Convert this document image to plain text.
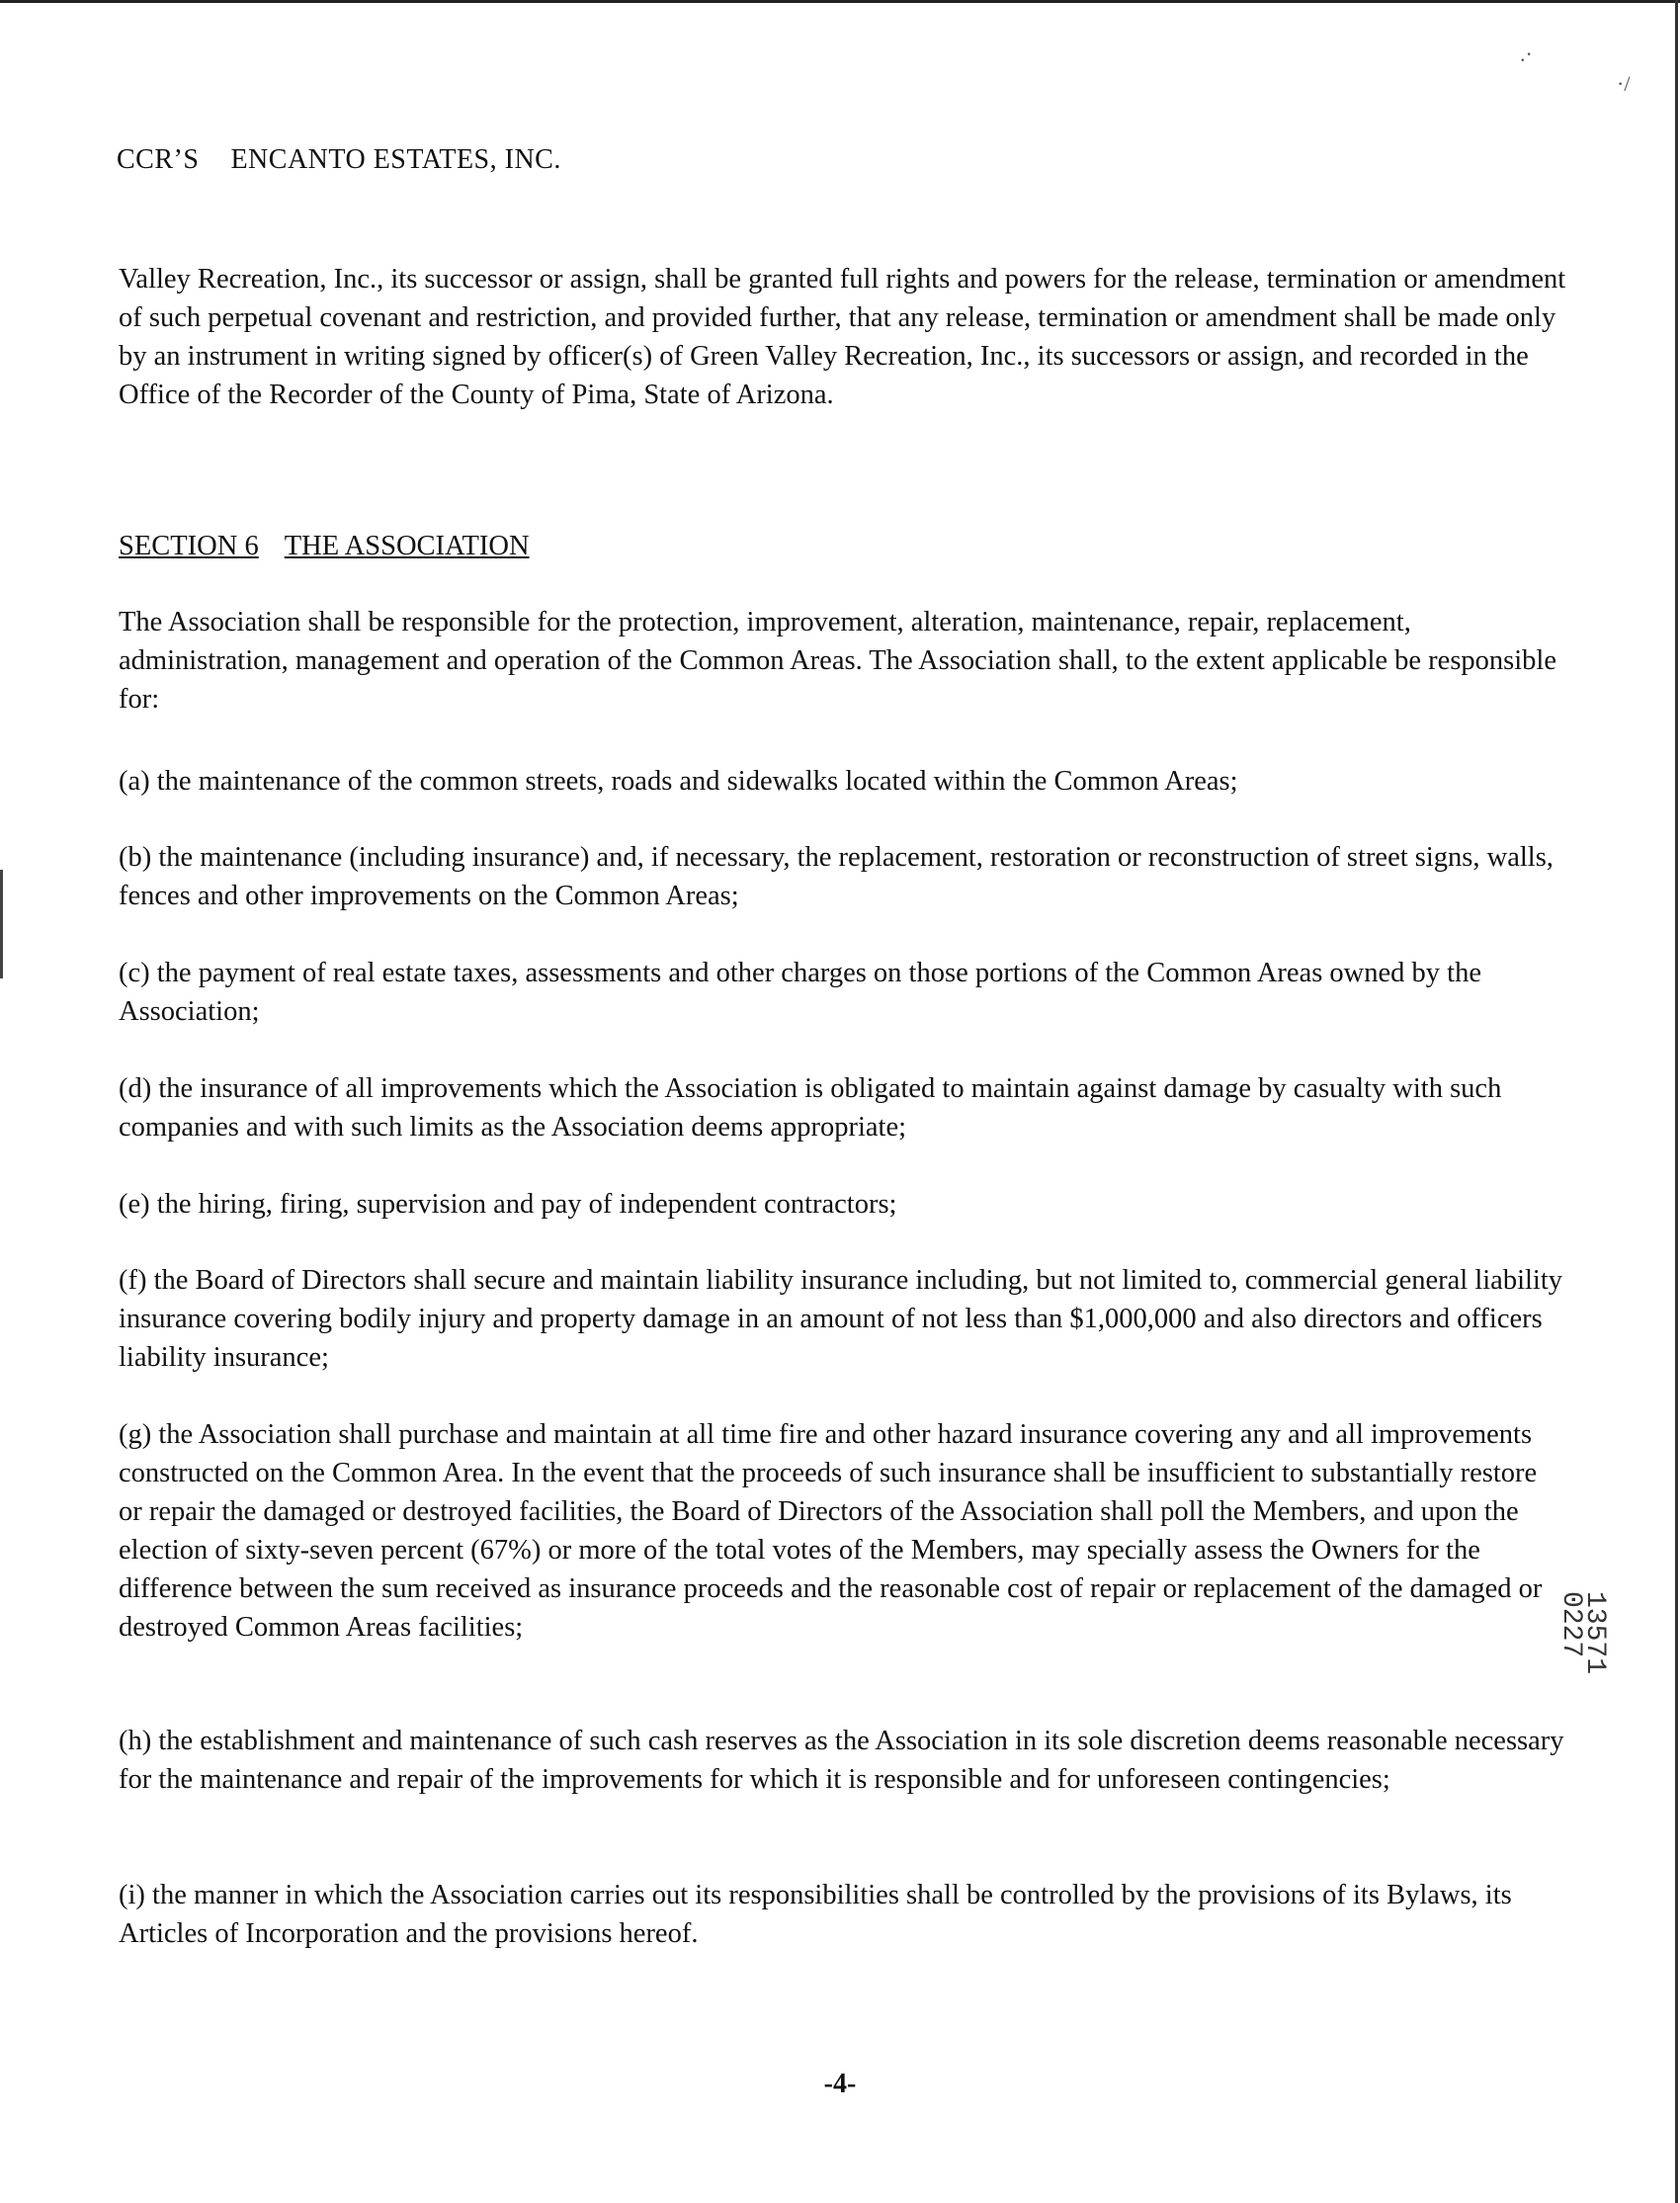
.·
·/
CCR’S ENCANTO ESTATES, INC.

Valley Recreation, Inc., its successor or assign, shall be granted full rights and powers for the release, termination or amendment of such perpetual covenant and restriction, and provided further, that any release, termination or amendment shall be made only by an instrument in writing signed by officer(s) of Green Valley Recreation, Inc., its successors or assign, and recorded in the Office of the Recorder of the County of Pima, State of Arizona.

SECTION 6 THE ASSOCIATION

The Association shall be responsible for the protection, improvement, alteration, maintenance, repair, replacement, administration, management and operation of the Common Areas. The Association shall, to the extent applicable be responsible for:

(a) the maintenance of the common streets, roads and sidewalks located within the Common Areas;

(b) the maintenance (including insurance) and, if necessary, the replacement, restoration or reconstruction of street signs, walls, fences and other improvements on the Common Areas;

(c) the payment of real estate taxes, assessments and other charges on those portions of the Common Areas owned by the Association;

(d) the insurance of all improvements which the Association is obligated to maintain against damage by casualty with such companies and with such limits as the Association deems appropriate;

(e) the hiring, firing, supervision and pay of independent contractors;

(f) the Board of Directors shall secure and maintain liability insurance including, but not limited to, commercial general liability insurance covering bodily injury and property damage in an amount of not less than $1,000,000 and also directors and officers liability insurance;

(g) the Association shall purchase and maintain at all time fire and other hazard insurance covering any and all improvements constructed on the Common Area. In the event that the proceeds of such insurance shall be insufficient to substantially restore or repair the damaged or destroyed facilities, the Board of Directors of the Association shall poll the Members, and upon the election of sixty-seven percent (67%) or more of the total votes of the Members, may specially assess the Owners for the difference between the sum received as insurance proceeds and the reasonable cost of repair or replacement of the damaged or destroyed Common Areas facilities;

(h) the establishment and maintenance of such cash reserves as the Association in its sole discretion deems reasonable necessary for the maintenance and repair of the improvements for which it is responsible and for unforeseen contingencies;

(i) the manner in which the Association carries out its responsibilities shall be controlled by the provisions of its Bylaws, its Articles of Incorporation and the provisions hereof.

13571 0227
-4-
